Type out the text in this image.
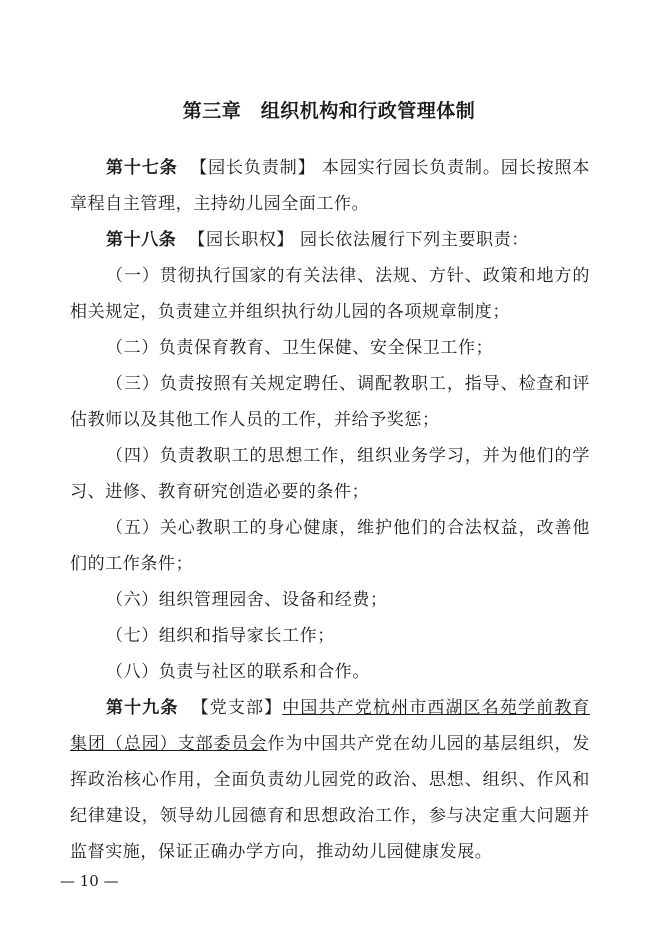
第三章　组织机构和行政管理体制

第十七条 【园长负责制】 本园实行园长负责制。园长按照本章程自主管理，主持幼儿园全面工作。

第十八条 【园长职权】 园长依法履行下列主要职责：

（一）贯彻执行国家的有关法律、法规、方针、政策和地方的相关规定，负责建立并组织执行幼儿园的各项规章制度；

（二）负责保育教育、卫生保健、安全保卫工作；

（三）负责按照有关规定聘任、调配教职工，指导、检查和评估教师以及其他工作人员的工作，并给予奖惩；

（四）负责教职工的思想工作，组织业务学习，并为他们的学习、进修、教育研究创造必要的条件；

（五）关心教职工的身心健康，维护他们的合法权益，改善他们的工作条件；

（六）组织管理园舍、设备和经费；

（七）组织和指导家长工作；

（八）负责与社区的联系和合作。

第十九条 【党支部】中国共产党杭州市西湖区名苑学前教育集团（总园）支部委员会作为中国共产党在幼儿园的基层组织，发挥政治核心作用，全面负责幼儿园党的政治、思想、组织、作风和纪律建设，领导幼儿园德育和思想政治工作，参与决定重大问题并监督实施，保证正确办学方向，推动幼儿园健康发展。

— 10 —
